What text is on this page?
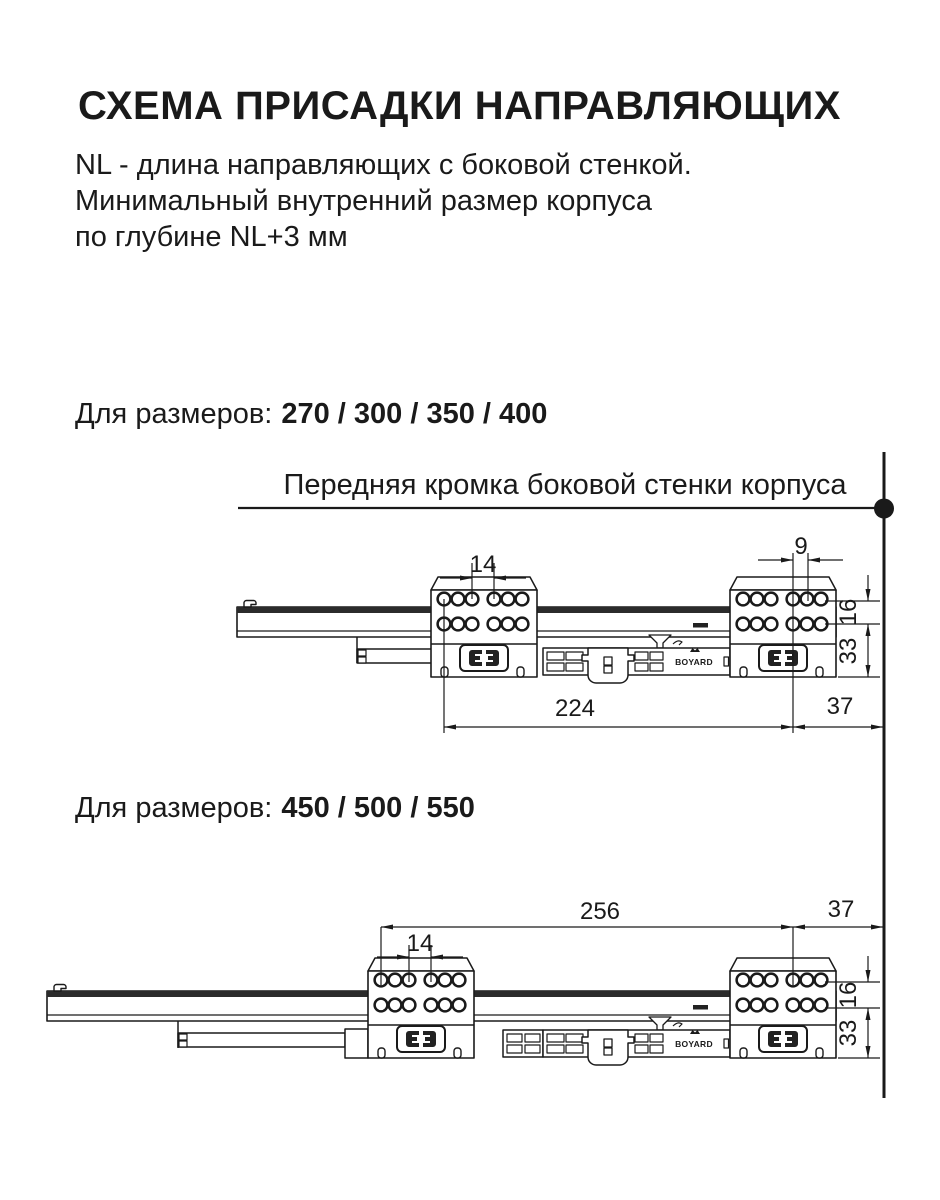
СХЕМА ПРИСАДКИ НАПРАВЛЯЮЩИХ
NL - длина направляющих с боковой стенкой.
Минимальный внутренний размер корпуса
по глубине NL+3 мм
Для размеров: 270 / 300 / 350 / 400
Передняя кромка боковой стенки корпуса
Для размеров: 450 / 500 / 550
BOYARD
14
9
224	37
16
33
BOYARD
256	37
14
16
33
